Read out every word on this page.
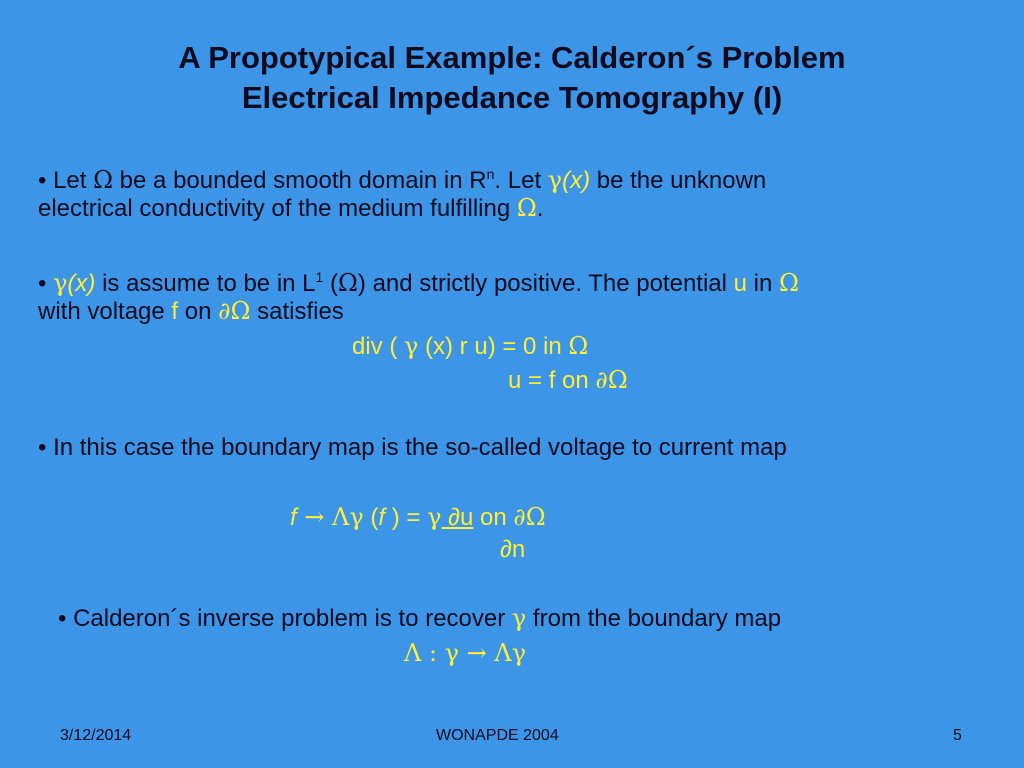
A Propotypical Example: Calderon´s Problem
Electrical Impedance Tomography (I)
• Let Ω be a bounded smooth domain in $R^n$. Let γ(x) be the unknown
electrical conductivity of the medium fulfilling Ω.
• γ(x) is assume to be in $L^1$ (Ω) and strictly positive. The potential u in Ω
with voltage f on ∂Ω satisfies
div ( γ (x) r u) = 0 in Ω
u = f on ∂Ω
• In this case the boundary map is the so-called voltage to current map
f → Λγ (f ) = γ ∂u on ∂Ω
∂n
• Calderon´s inverse problem is to recover γ from the boundary map
Λ : γ → Λγ
3/12/2014	WONAPDE 2004	5
